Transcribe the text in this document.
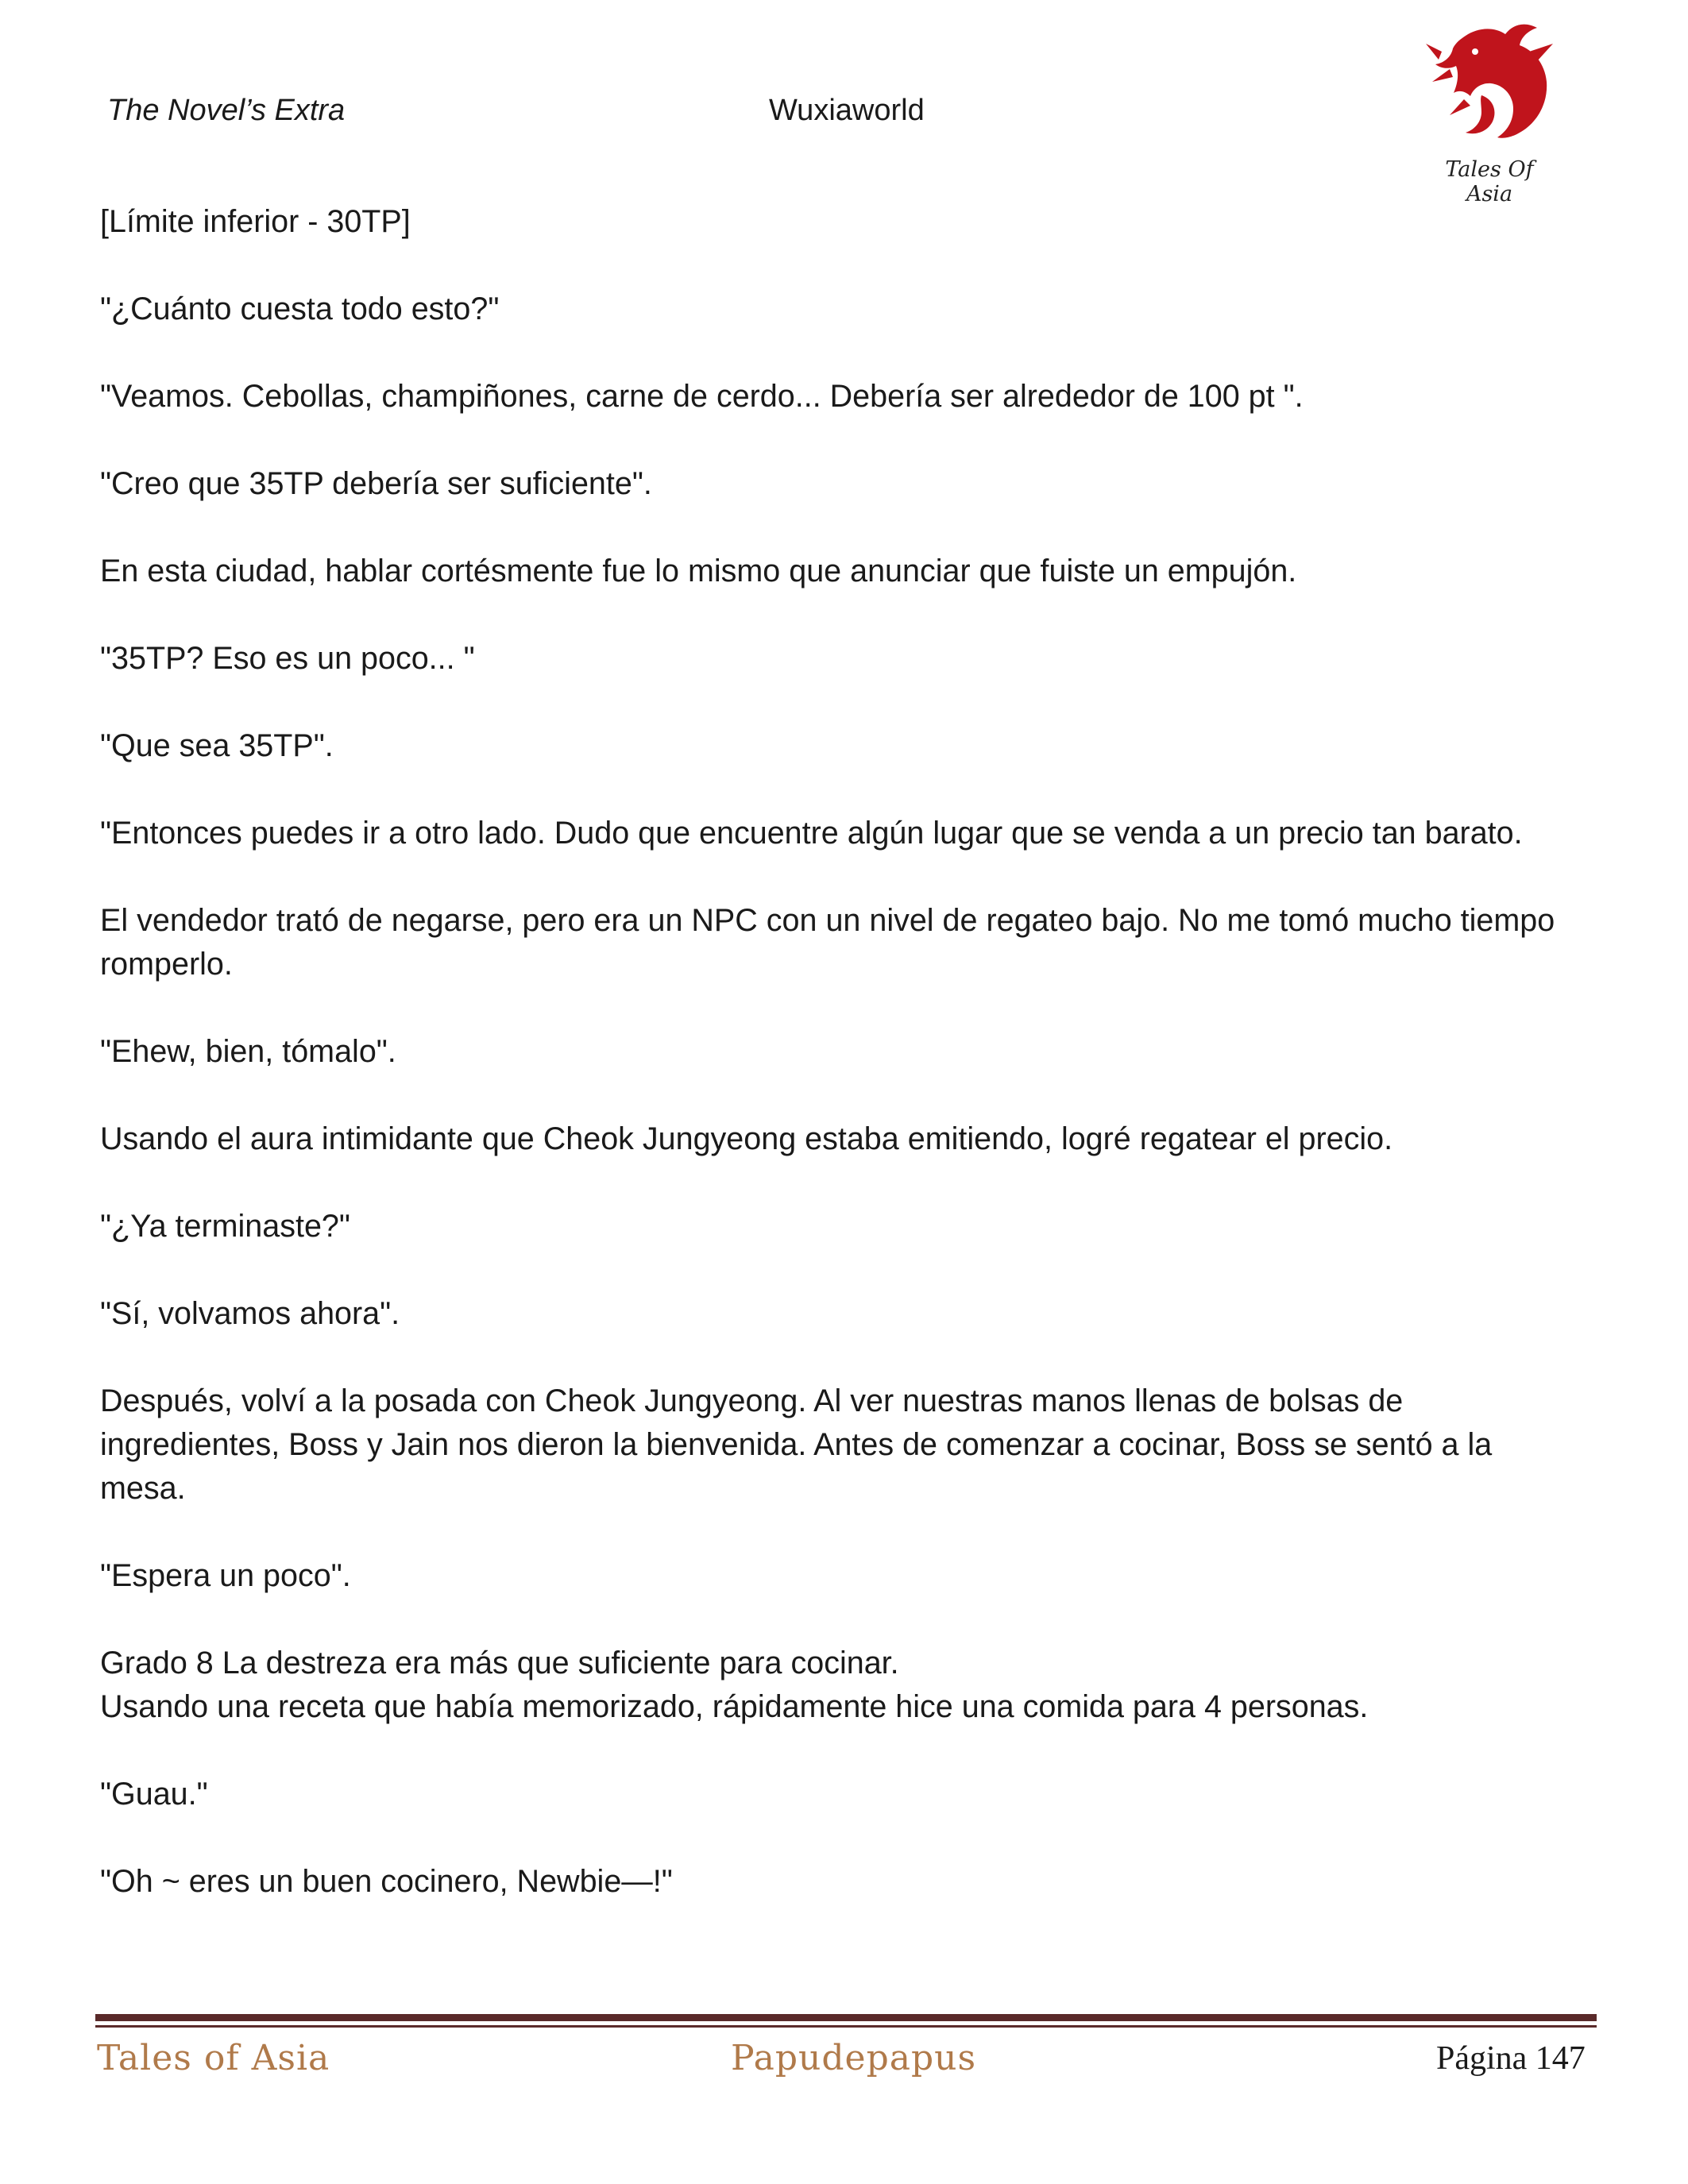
The Novel’s Extra	Wuxiaworld
Tales Of Asia

[Límite inferior - 30TP]

"¿Cuánto cuesta todo esto?"

"Veamos. Cebollas, champiñones, carne de cerdo... Debería ser alrededor de 100 pt ".

"Creo que 35TP debería ser suficiente".

En esta ciudad, hablar cortésmente fue lo mismo que anunciar que fuiste un empujón.

"35TP? Eso es un poco... "

"Que sea 35TP".

"Entonces puedes ir a otro lado. Dudo que encuentre algún lugar que se venda a un precio tan barato.

El vendedor trató de negarse, pero era un NPC con un nivel de regateo bajo. No me tomó mucho tiempo romperlo.

"Ehew, bien, tómalo".

Usando el aura intimidante que Cheok Jungyeong estaba emitiendo, logré regatear el precio.

"¿Ya terminaste?"

"Sí, volvamos ahora".

Después, volví a la posada con Cheok Jungyeong. Al ver nuestras manos llenas de bolsas de ingredientes, Boss y Jain nos dieron la bienvenida. Antes de comenzar a cocinar, Boss se sentó a la mesa.

"Espera un poco".

Grado 8 La destreza era más que suficiente para cocinar.

Usando una receta que había memorizado, rápidamente hice una comida para 4 personas.

"Guau."

"Oh ~ eres un buen cocinero, Newbie—!"

Tales of Asia	Papudepapus	Página 147
